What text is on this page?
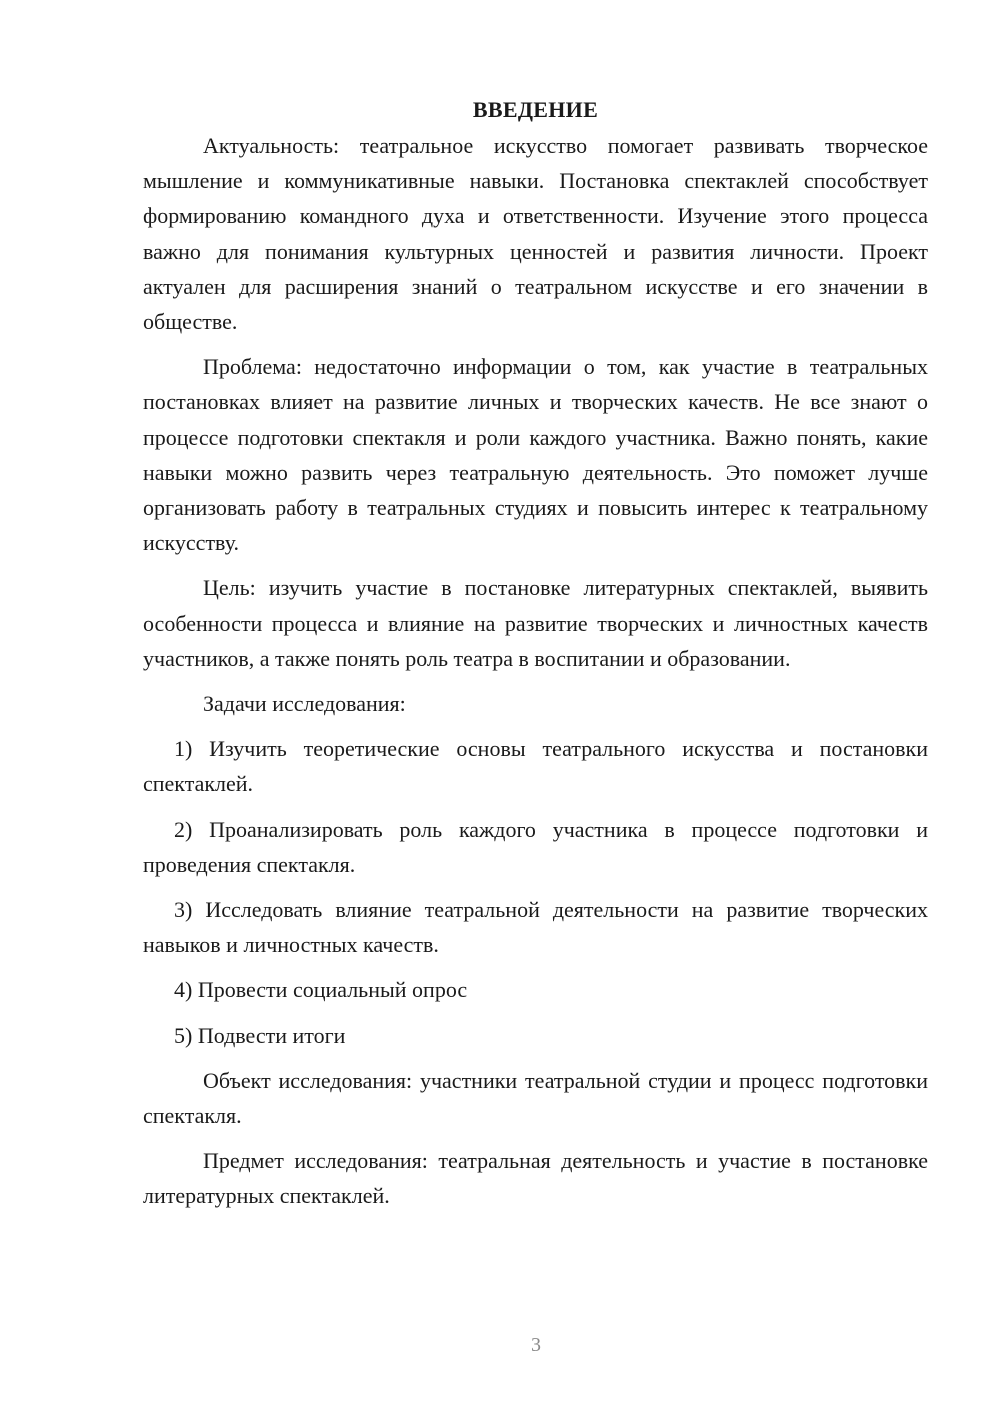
ВВЕДЕНИЕ

Актуальность: театральное искусство помогает развивать творческое мышление и коммуникативные навыки. Постановка спектаклей способствует формированию командного духа и ответственности. Изучение этого процесса важно для понимания культурных ценностей и развития личности. Проект актуален для расширения знаний о театральном искусстве и его значении в обществе.

Проблема: недостаточно информации о том, как участие в театральных постановках влияет на развитие личных и творческих качеств. Не все знают о процессе подготовки спектакля и роли каждого участника. Важно понять, какие навыки можно развить через театральную деятельность. Это поможет лучше организовать работу в театральных студиях и повысить интерес к театральному искусству.

Цель: изучить участие в постановке литературных спектаклей, выявить особенности процесса и влияние на развитие творческих и личностных качеств участников, а также понять роль театра в воспитании и образовании.

Задачи исследования:

1) Изучить теоретические основы театрального искусства и постановки спектаклей.

2) Проанализировать роль каждого участника в процессе подготовки и проведения спектакля.

3) Исследовать влияние театральной деятельности на развитие творческих навыков и личностных качеств.

4) Провести социальный опрос

5) Подвести итоги

Объект исследования: участники театральной студии и процесс подготовки спектакля.

Предмет исследования: театральная деятельность и участие в постановке литературных спектаклей.

3
